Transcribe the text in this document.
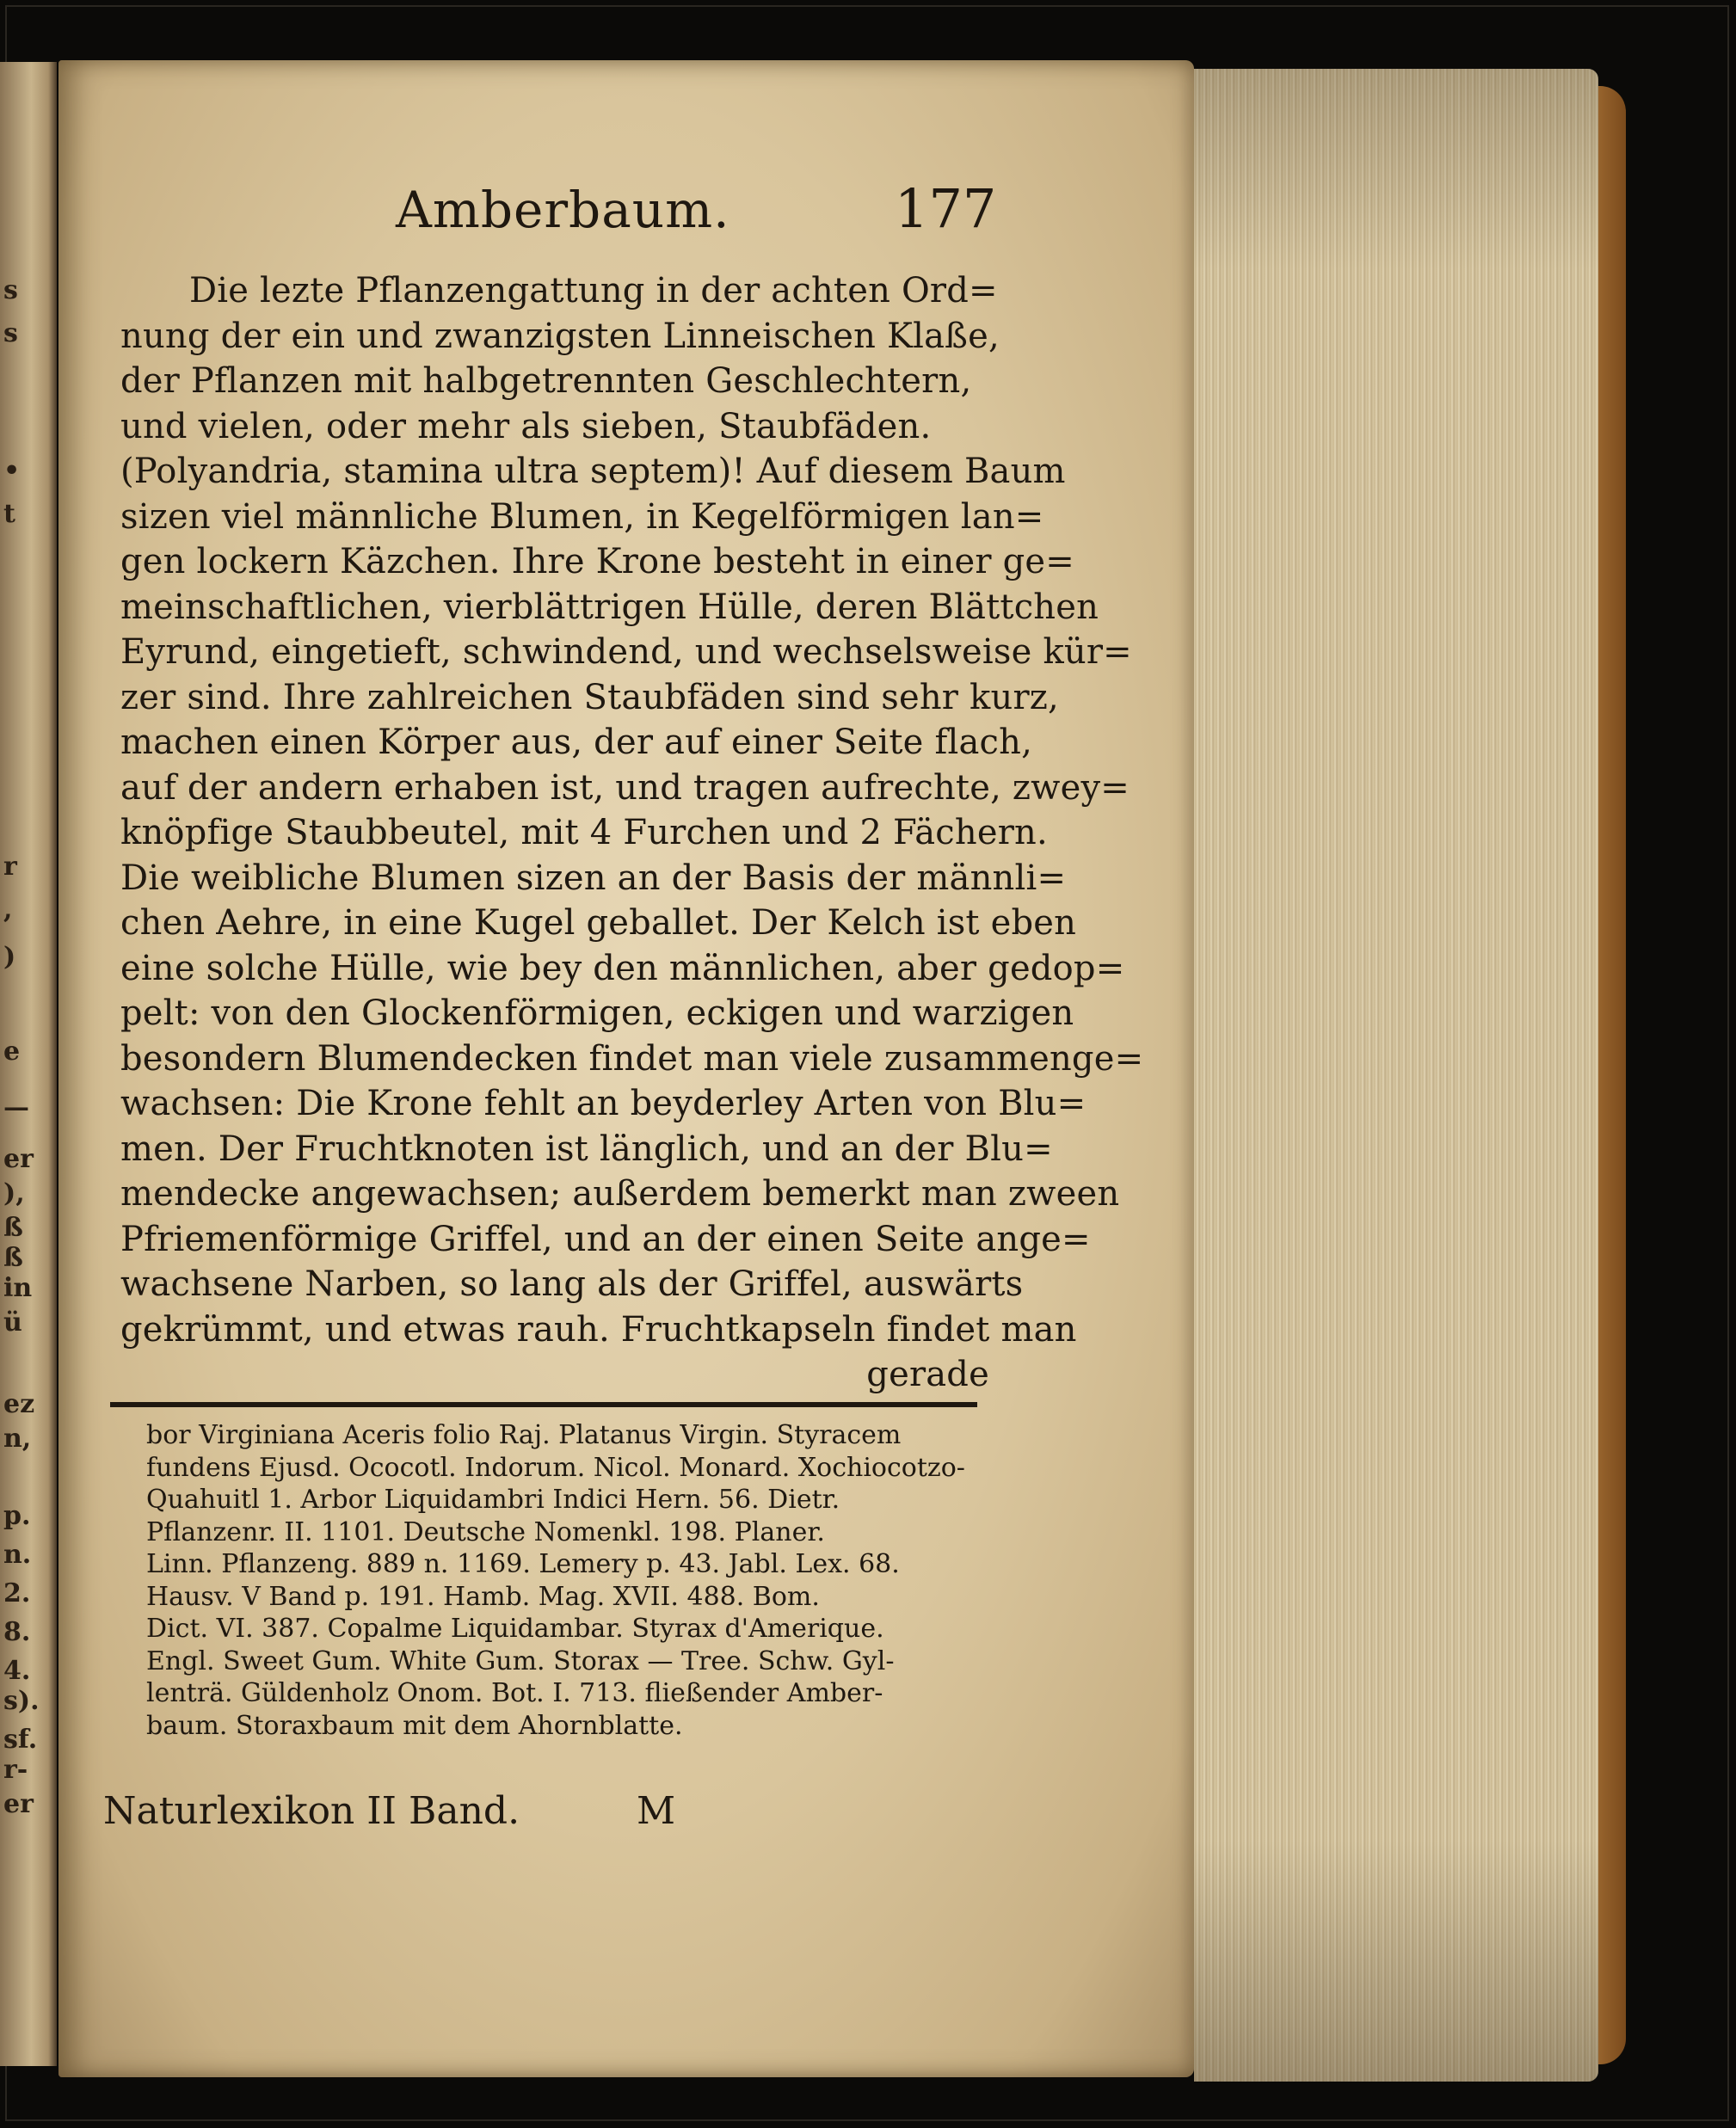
s
s
•
t
r
,
)
e
—
er
),
ß
ß
in
ü
ez
n,
p.
n.
2.
8.
4.
s).
sf.
r-
er
Amberbaum.	177
Die lezte Pflanzengattung in der achten Ord=
nung der ein und zwanzigsten Linneischen Klaße,
der Pflanzen mit halbgetrennten Geschlechtern,
und vielen, oder mehr als sieben, Staubfäden.
(Polyandria, stamina ultra septem)! Auf diesem Baum
sizen viel männliche Blumen, in Kegelförmigen lan=
gen lockern Käzchen. Ihre Krone besteht in einer ge=
meinschaftlichen, vierblättrigen Hülle, deren Blättchen
Eyrund, eingetieft, schwindend, und wechselsweise kür=
zer sind. Ihre zahlreichen Staubfäden sind sehr kurz,
machen einen Körper aus, der auf einer Seite flach,
auf der andern erhaben ist, und tragen aufrechte, zwey=
knöpfige Staubbeutel, mit 4 Furchen und 2 Fächern.
Die weibliche Blumen sizen an der Basis der männli=
chen Aehre, in eine Kugel geballet. Der Kelch ist eben
eine solche Hülle, wie bey den männlichen, aber gedop=
pelt: von den Glockenförmigen, eckigen und warzigen
besondern Blumendecken findet man viele zusammenge=
wachsen: Die Krone fehlt an beyderley Arten von Blu=
men. Der Fruchtknoten ist länglich, und an der Blu=
mendecke angewachsen; außerdem bemerkt man zween
Pfriemenförmige Griffel, und an der einen Seite ange=
wachsene Narben, so lang als der Griffel, auswärts
gekrümmt, und etwas rauh. Fruchtkapseln findet man
gerade
bor Virginiana Aceris folio Raj. Platanus Virgin. Styracem
fundens Ejusd. Ococotl. Indorum. Nicol. Monard. Xochiocotzo-
Quahuitl 1. Arbor Liquidambri Indici Hern. 56. Dietr.
Pflanzenr. II. 1101. Deutsche Nomenkl. 198. Planer.
Linn. Pflanzeng. 889 n. 1169. Lemery p. 43. Jabl. Lex. 68.
Hausv. V Band p. 191. Hamb. Mag. XVII. 488. Bom.
Dict. VI. 387. Copalme Liquidambar. Styrax d'Amerique.
Engl. Sweet Gum. White Gum. Storax — Tree. Schw. Gyl-
lenträ. Güldenholz Onom. Bot. I. 713. fließender Amber-
baum. Storaxbaum mit dem Ahornblatte.
Naturlexikon II Band.	M
